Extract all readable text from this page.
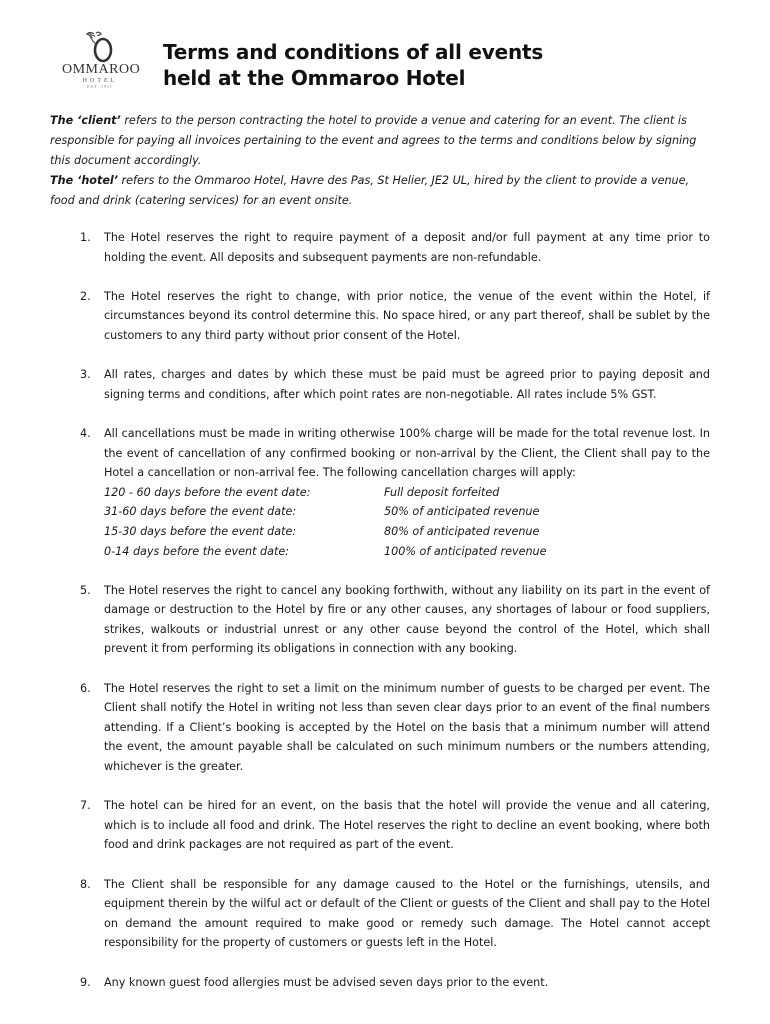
OMMAROO
HOTEL
EST. 1911
Terms and conditions of all events
held at the Ommaroo Hotel

The ‘client’ refers to the person contracting the hotel to provide a venue and catering for an event. The client is responsible for paying all invoices pertaining to the event and agrees to the terms and conditions below by signing this document accordingly.

The ‘hotel’ refers to the Ommaroo Hotel, Havre des Pas, St Helier, JE2 UL, hired by the client to provide a venue, food and drink (catering services) for an event onsite.

1. The Hotel reserves the right to require payment of a deposit and/or full payment at any time prior to holding the event. All deposits and subsequent payments are non-refundable.
2. The Hotel reserves the right to change, with prior notice, the venue of the event within the Hotel, if circumstances beyond its control determine this. No space hired, or any part thereof, shall be sublet by the customers to any third party without prior consent of the Hotel.
3. All rates, charges and dates by which these must be paid must be agreed prior to paying deposit and signing terms and conditions, after which point rates are non-negotiable. All rates include 5% GST.
4. All cancellations must be made in writing otherwise 100% charge will be made for the total revenue lost. In the event of cancellation of any confirmed booking or non-arrival by the Client, the Client shall pay to the Hotel a cancellation or non-arrival fee. The following cancellation charges will apply:
120 - 60 days before the event date:	Full deposit forfeited
31-60 days before the event date:	50% of anticipated revenue
15-30 days before the event date:	80% of anticipated revenue
0-14 days before the event date:	100% of anticipated revenue
5. The Hotel reserves the right to cancel any booking forthwith, without any liability on its part in the event of damage or destruction to the Hotel by fire or any other causes, any shortages of labour or food suppliers, strikes, walkouts or industrial unrest or any other cause beyond the control of the Hotel, which shall prevent it from performing its obligations in connection with any booking.
6. The Hotel reserves the right to set a limit on the minimum number of guests to be charged per event. The Client shall notify the Hotel in writing not less than seven clear days prior to an event of the final numbers attending. If a Client’s booking is accepted by the Hotel on the basis that a minimum number will attend the event, the amount payable shall be calculated on such minimum numbers or the numbers attending, whichever is the greater.
7. The hotel can be hired for an event, on the basis that the hotel will provide the venue and all catering, which is to include all food and drink. The Hotel reserves the right to decline an event booking, where both food and drink packages are not required as part of the event.
8. The Client shall be responsible for any damage caused to the Hotel or the furnishings, utensils, and equipment therein by the wilful act or default of the Client or guests of the Client and shall pay to the Hotel on demand the amount required to make good or remedy such damage. The Hotel cannot accept responsibility for the property of customers or guests left in the Hotel.
9. Any known guest food allergies must be advised seven days prior to the event.
